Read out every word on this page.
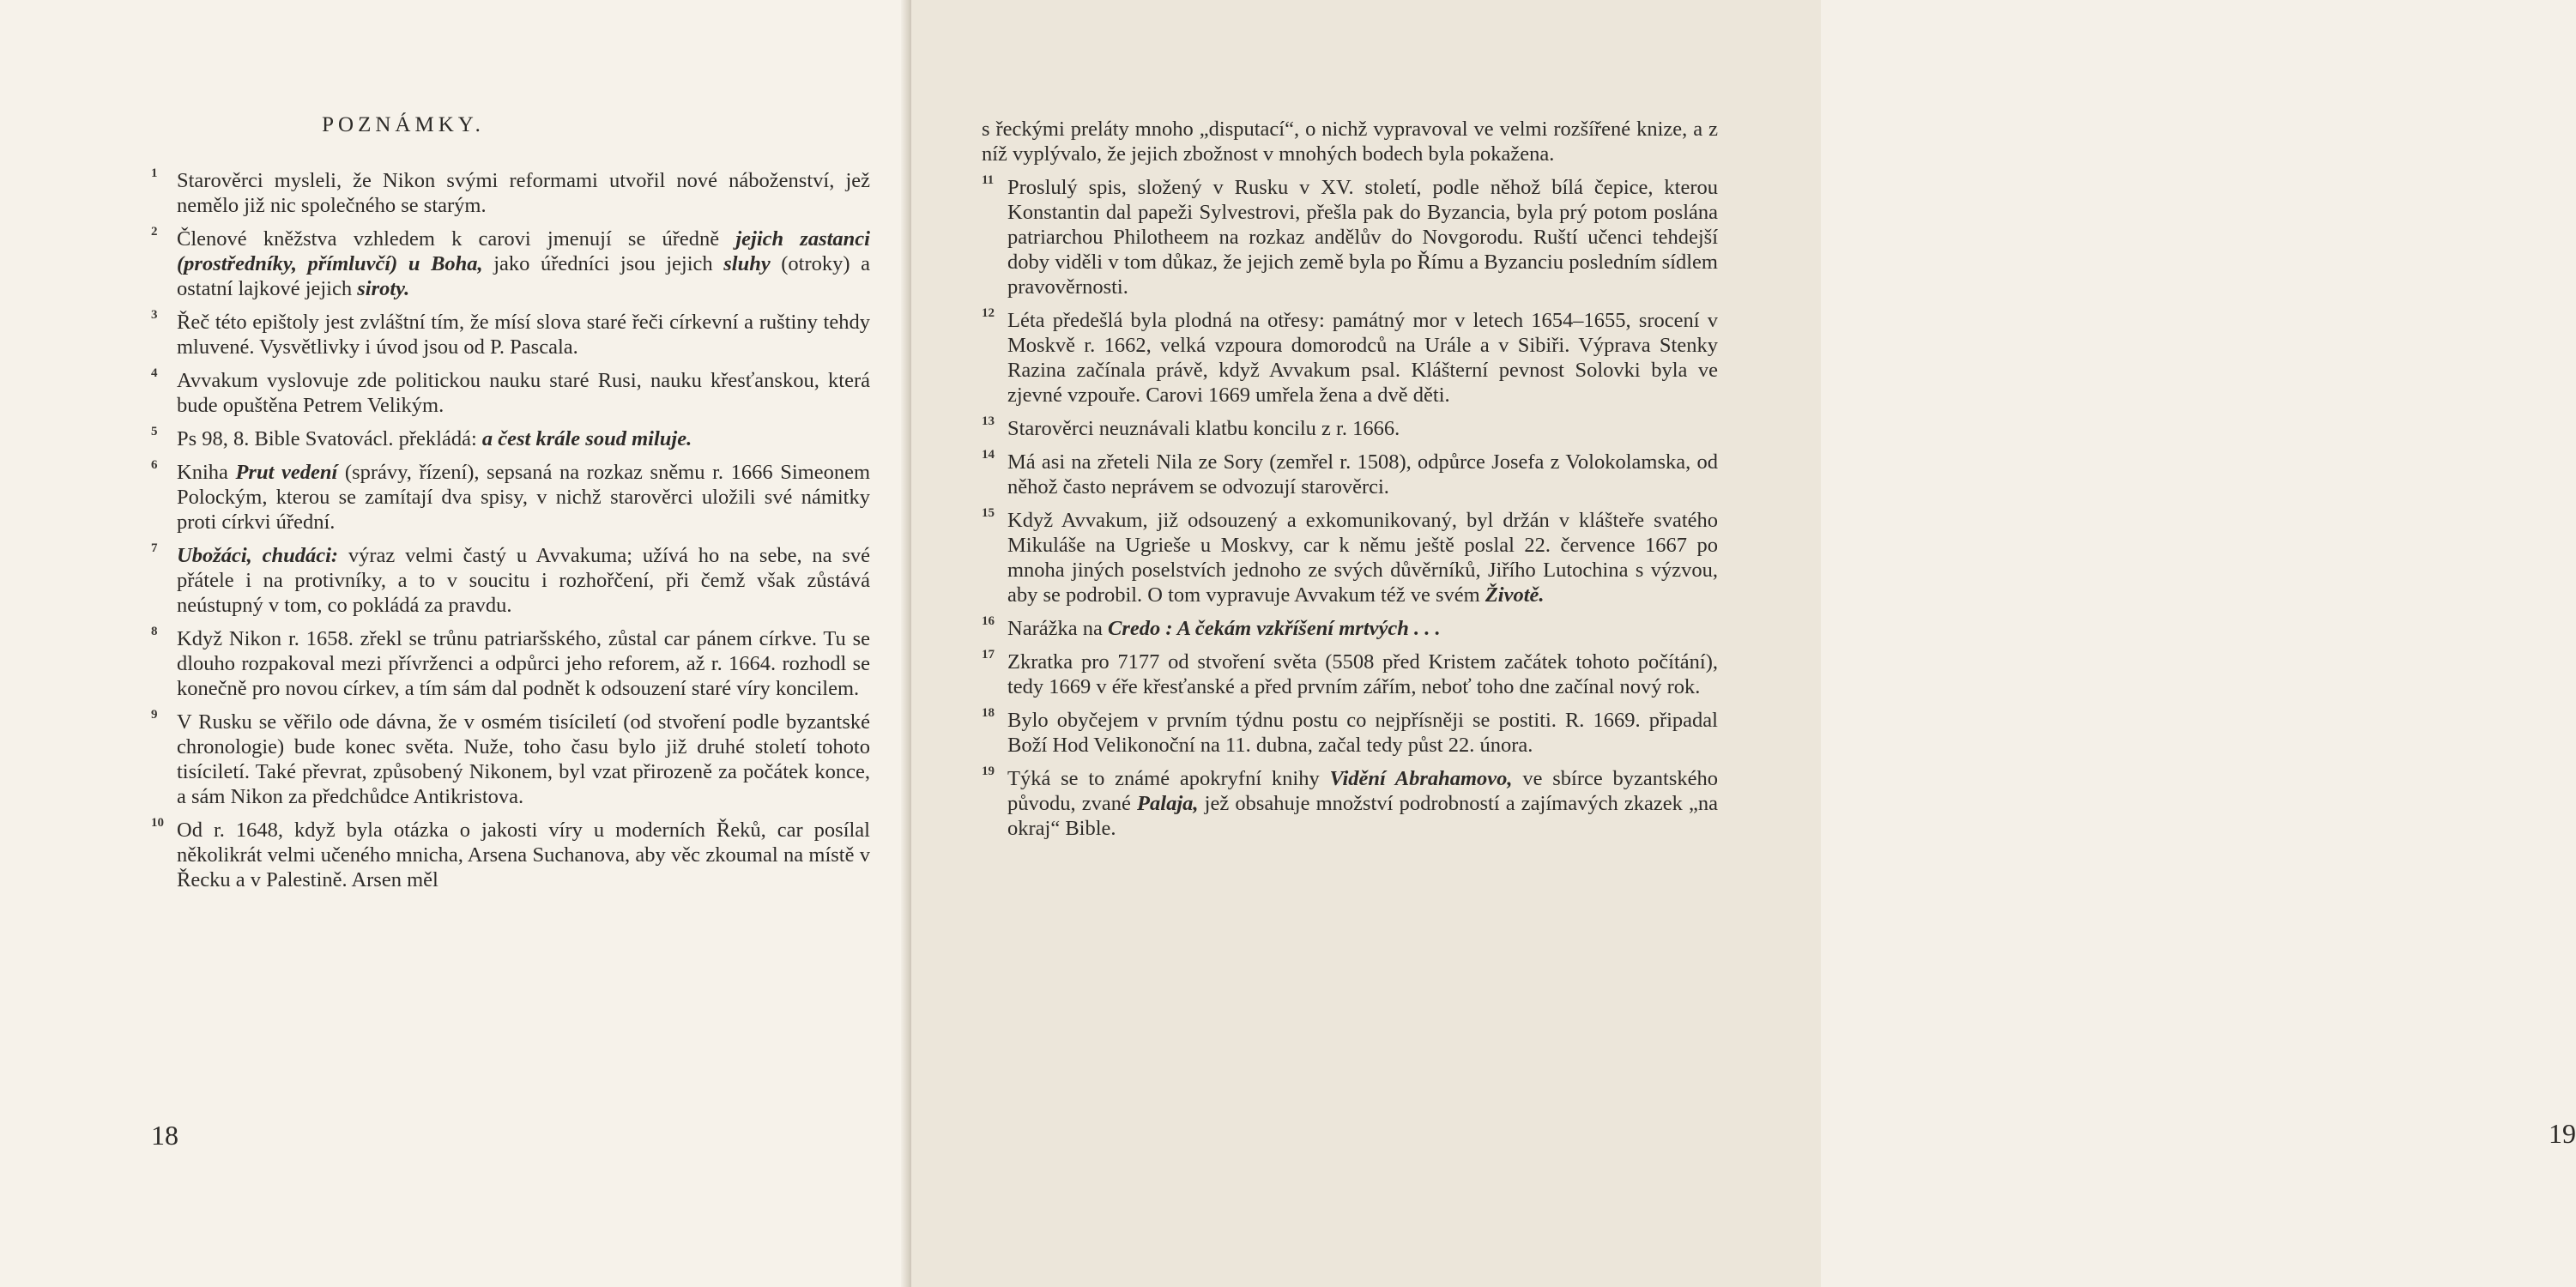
POZNÁMKY.
1 Starověrci mysleli, že Nikon svými reformami utvořil nové náboženství, jež nemělo již nic společného se starým.
2 Členové kněžstva vzhledem k carovi jmenují se úředně jejich zastanci (prostředníky, přímluvčí) u Boha, jako úředníci jsou jejich sluhy (otroky) a ostatní lajkové jejich siroty.
3 Řeč této epištoly jest zvláštní tím, že mísí slova staré řeči církevní a ruštiny tehdy mluvené. Vysvětlivky i úvod jsou od P. Pascala.
4 Avvakum vyslovuje zde politickou nauku staré Rusi, nauku křesťanskou, která bude opuštěna Petrem Velikým.
5 Ps 98, 8. Bible Svatovácl. překládá: a čest krále soud miluje.
6 Kniha Prut vedení (správy, řízení), sepsaná na rozkaz sněmu r. 1666 Simeonem Polockým, kterou se zamítají dva spisy, v nichž starověrci uložili své námitky proti církvi úřední.
7 Ubožáci, chudáci: výraz velmi častý u Avvakuma; užívá ho na sebe, na své přátele i na protivníky, a to v soucitu i rozhořčení, při čemž však zůstává neústupný v tom, co pokládá za pravdu.
8 Když Nikon r. 1658. zřekl se trůnu patriaršského, zůstal car pánem církve. Tu se dlouho rozpakoval mezi přívrženci a odpůrci jeho reforem, až r. 1664. rozhodl se konečně pro novou církev, a tím sám dal podnět k odsouzení staré víry koncilem.
9 V Rusku se věřilo ode dávna, že v osmém tisíciletí (od stvoření podle byzantské chronologie) bude konec světa. Nuže, toho času bylo již druhé století tohoto tisíciletí. Také převrat, způsobený Nikonem, byl vzat přirozeně za počátek konce, a sám Nikon za předchůdce Antikristova.
10 Od r. 1648, když byla otázka o jakosti víry u moderních Řeků, car posílal několikrát velmi učeného mnicha, Arsena Suchanova, aby věc zkoumal na místě v Řecku a v Palestině. Arsen měl
18
s řeckými preláty mnoho „disputací“, o nichž vypravoval ve velmi rozšířené knize, a z níž vyplývalo, že jejich zbožnost v mnohých bodech byla pokažena.
11 Proslulý spis, složený v Rusku v XV. století, podle něhož bílá čepice, kterou Konstantin dal papeži Sylvestrovi, přešla pak do Byzancia, byla prý potom poslána patriarchou Philotheem na rozkaz andělův do Novgorodu. Ruští učenci tehdejší doby viděli v tom důkaz, že jejich země byla po Římu a Byzanciu posledním sídlem pravověrnosti.
12 Léta předešlá byla plodná na otřesy: památný mor v letech 1654–1655, srocení v Moskvě r. 1662, velká vzpoura domorodců na Urále a v Sibiři. Výprava Stenky Razina začínala právě, když Avvakum psal. Klášterní pevnost Solovki byla ve zjevné vzpouře. Carovi 1669 umřela žena a dvě děti.
13 Starověrci neuznávali klatbu koncilu z r. 1666.
14 Má asi na zřeteli Nila ze Sory (zemřel r. 1508), odpůrce Josefa z Volokolamska, od něhož často neprávem se odvozují starověrci.
15 Když Avvakum, již odsouzený a exkomunikovaný, byl držán v klášteře svatého Mikuláše na Ugrieše u Moskvy, car k němu ještě poslal 22. července 1667 po mnoha jiných poselstvích jednoho ze svých důvěrníků, Jiřího Lutochina s výzvou, aby se podrobil. O tom vypravuje Avvakum též ve svém Životě.
16 Narážka na Credo : A čekám vzkříšení mrtvých . . .
17 Zkratka pro 7177 od stvoření světa (5508 před Kristem začátek tohoto počítání), tedy 1669 v éře křesťanské a před prvním zářím, neboť toho dne začínal nový rok.
18 Bylo obyčejem v prvním týdnu postu co nejpřísněji se postiti. R. 1669. připadal Boží Hod Velikonoční na 11. dubna, začal tedy půst 22. února.
19 Týká se to známé apokryfní knihy Vidění Abrahamovo, ve sbírce byzantského původu, zvané Palaja, jež obsahuje množství podrobností a zajímavých zkazek „na okraj“ Bible.
19
